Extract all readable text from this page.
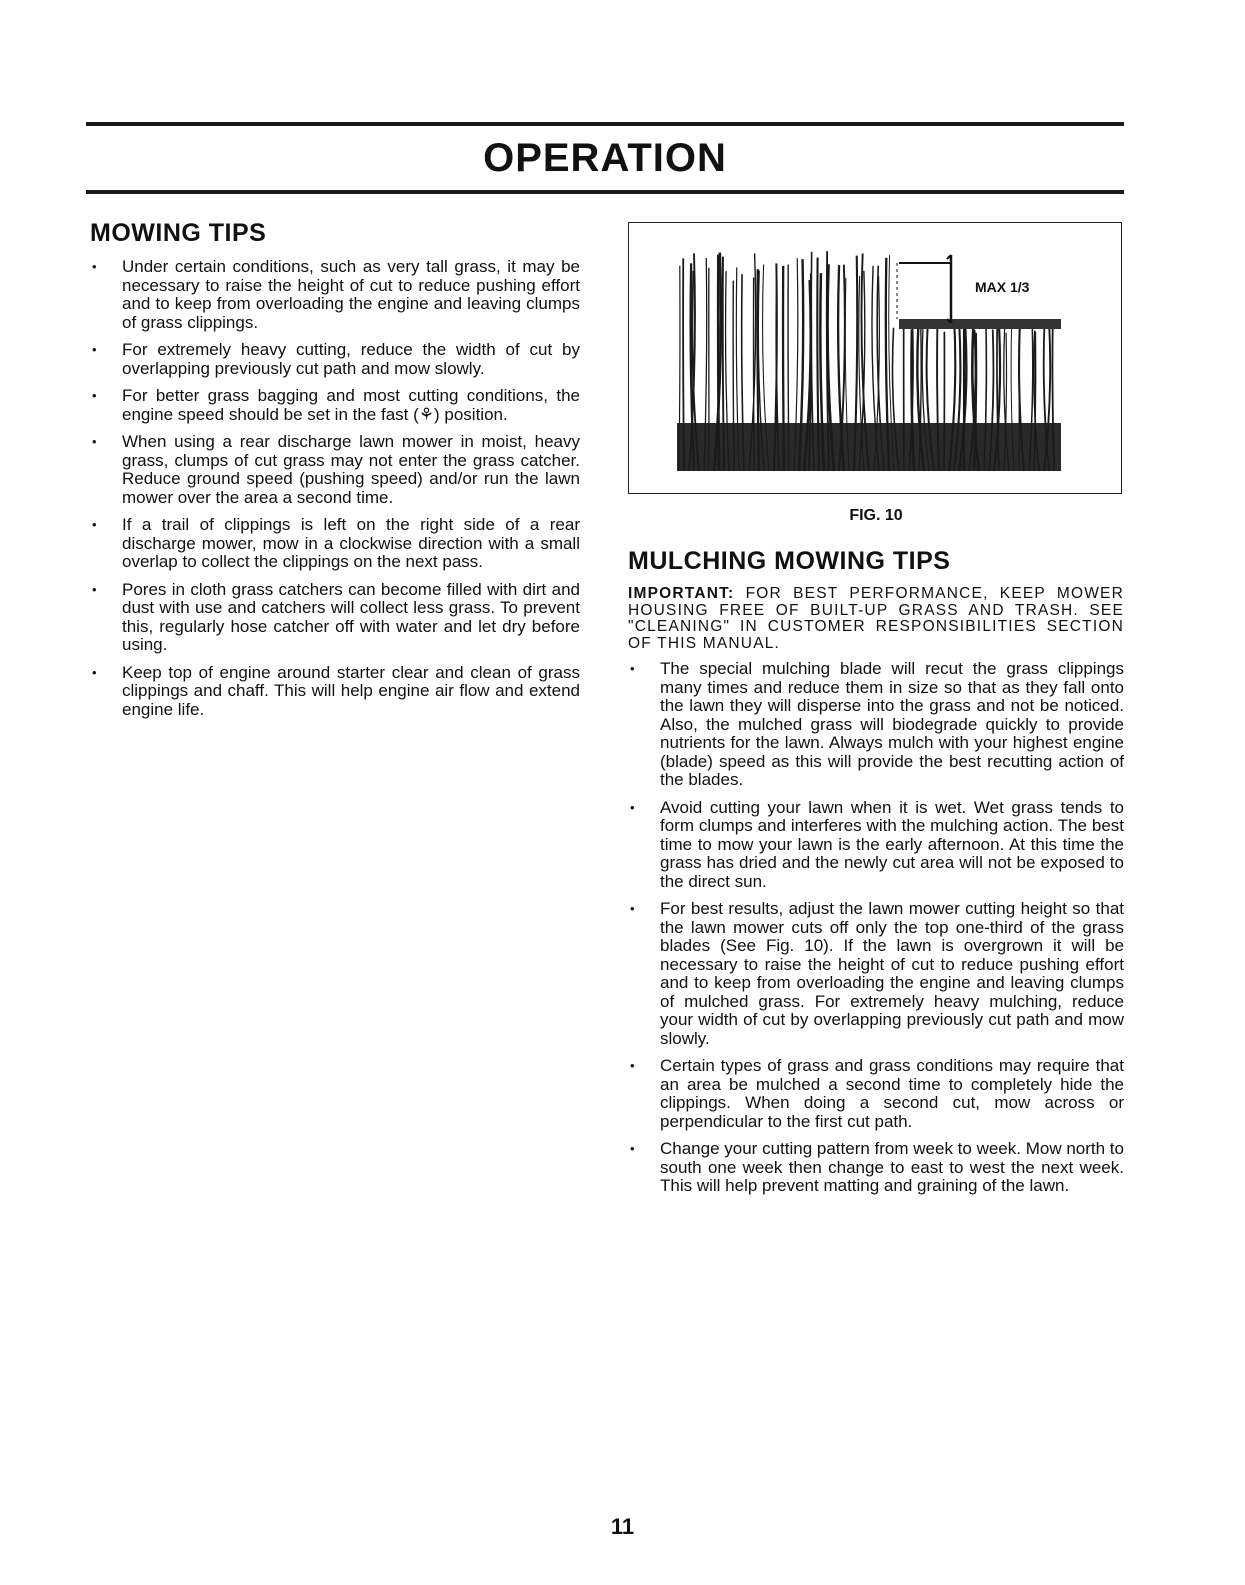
OPERATION
MOWING TIPS
• Under certain conditions, such as very tall grass, it may be necessary to raise the height of cut to reduce pushing effort and to keep from overloading the engine and leaving clumps of grass clippings.
• For extremely heavy cutting, reduce the width of cut by overlapping previously cut path and mow slowly.
• For better grass bagging and most cutting conditions, the engine speed should be set in the fast (⚘) position.
• When using a rear discharge lawn mower in moist, heavy grass, clumps of cut grass may not enter the grass catcher. Reduce ground speed (pushing speed) and/or run the lawn mower over the area a second time.
• If a trail of clippings is left on the right side of a rear discharge mower, mow in a clockwise direction with a small overlap to collect the clippings on the next pass.
• Pores in cloth grass catchers can become filled with dirt and dust with use and catchers will collect less grass. To prevent this, regularly hose catcher off with water and let dry before using.
• Keep top of engine around starter clear and clean of grass clippings and chaff. This will help engine air flow and extend engine life.
MAX 1/3
FIG. 10
MULCHING MOWING TIPS

IMPORTANT: FOR BEST PERFORMANCE, KEEP MOWER HOUSING FREE OF BUILT-UP GRASS AND TRASH. SEE "CLEANING" IN CUSTOMER RESPONSIBILITIES SECTION OF THIS MANUAL.

• The special mulching blade will recut the grass clippings many times and reduce them in size so that as they fall onto the lawn they will disperse into the grass and not be noticed. Also, the mulched grass will biodegrade quickly to provide nutrients for the lawn. Always mulch with your highest engine (blade) speed as this will provide the best recutting action of the blades.
• Avoid cutting your lawn when it is wet. Wet grass tends to form clumps and interferes with the mulching action. The best time to mow your lawn is the early afternoon. At this time the grass has dried and the newly cut area will not be exposed to the direct sun.
• For best results, adjust the lawn mower cutting height so that the lawn mower cuts off only the top one-third of the grass blades (See Fig. 10). If the lawn is overgrown it will be necessary to raise the height of cut to reduce pushing effort and to keep from overloading the engine and leaving clumps of mulched grass. For extremely heavy mulching, reduce your width of cut by overlapping previously cut path and mow slowly.
• Certain types of grass and grass conditions may require that an area be mulched a second time to completely hide the clippings. When doing a second cut, mow across or perpendicular to the first cut path.
• Change your cutting pattern from week to week. Mow north to south one week then change to east to west the next week. This will help prevent matting and graining of the lawn.
11
